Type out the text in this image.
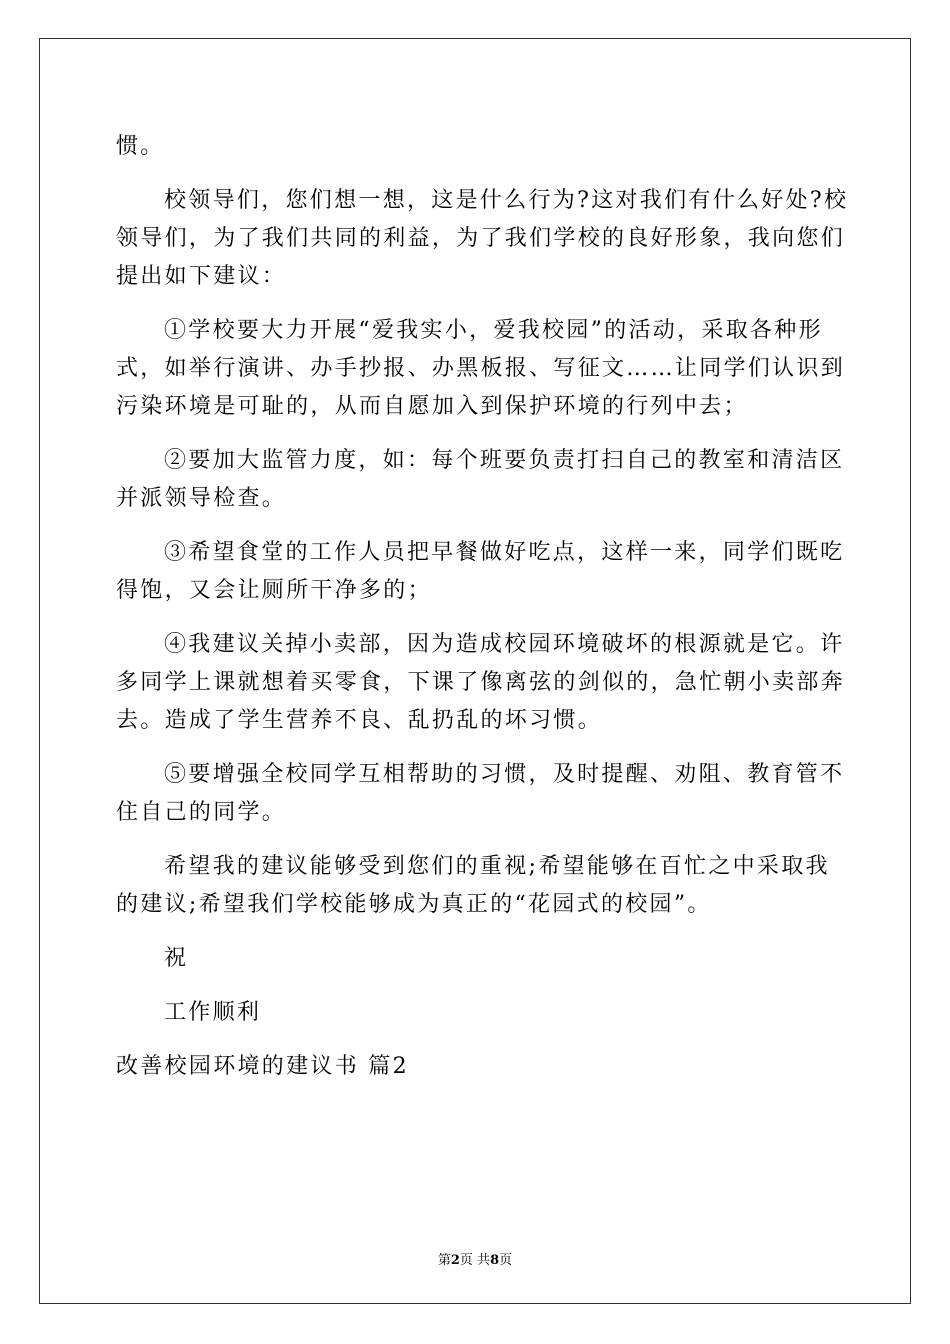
惯。
校领导们，您们想一想，这是什么行为?这对我们有什么好处?校
领导们，为了我们共同的利益，为了我们学校的良好形象，我向您们
提出如下建议：
①学校要大力开展“爱我实小，爱我校园”的活动，采取各种形
式，如举行演讲、办手抄报、办黑板报、写征文……让同学们认识到
污染环境是可耻的，从而自愿加入到保护环境的行列中去；
②要加大监管力度，如：每个班要负责打扫自己的教室和清洁区
并派领导检查。
③希望食堂的工作人员把早餐做好吃点，这样一来，同学们既吃
得饱，又会让厕所干净多的；
④我建议关掉小卖部，因为造成校园环境破坏的根源就是它。许
多同学上课就想着买零食，下课了像离弦的剑似的，急忙朝小卖部奔
去。造成了学生营养不良、乱扔乱的坏习惯。
⑤要增强全校同学互相帮助的习惯，及时提醒、劝阻、教育管不
住自己的同学。
希望我的建议能够受到您们的重视;希望能够在百忙之中采取我
的建议;希望我们学校能够成为真正的“花园式的校园”。
祝
工作顺利
改善校园环境的建议书 篇2
第2页 共8页
